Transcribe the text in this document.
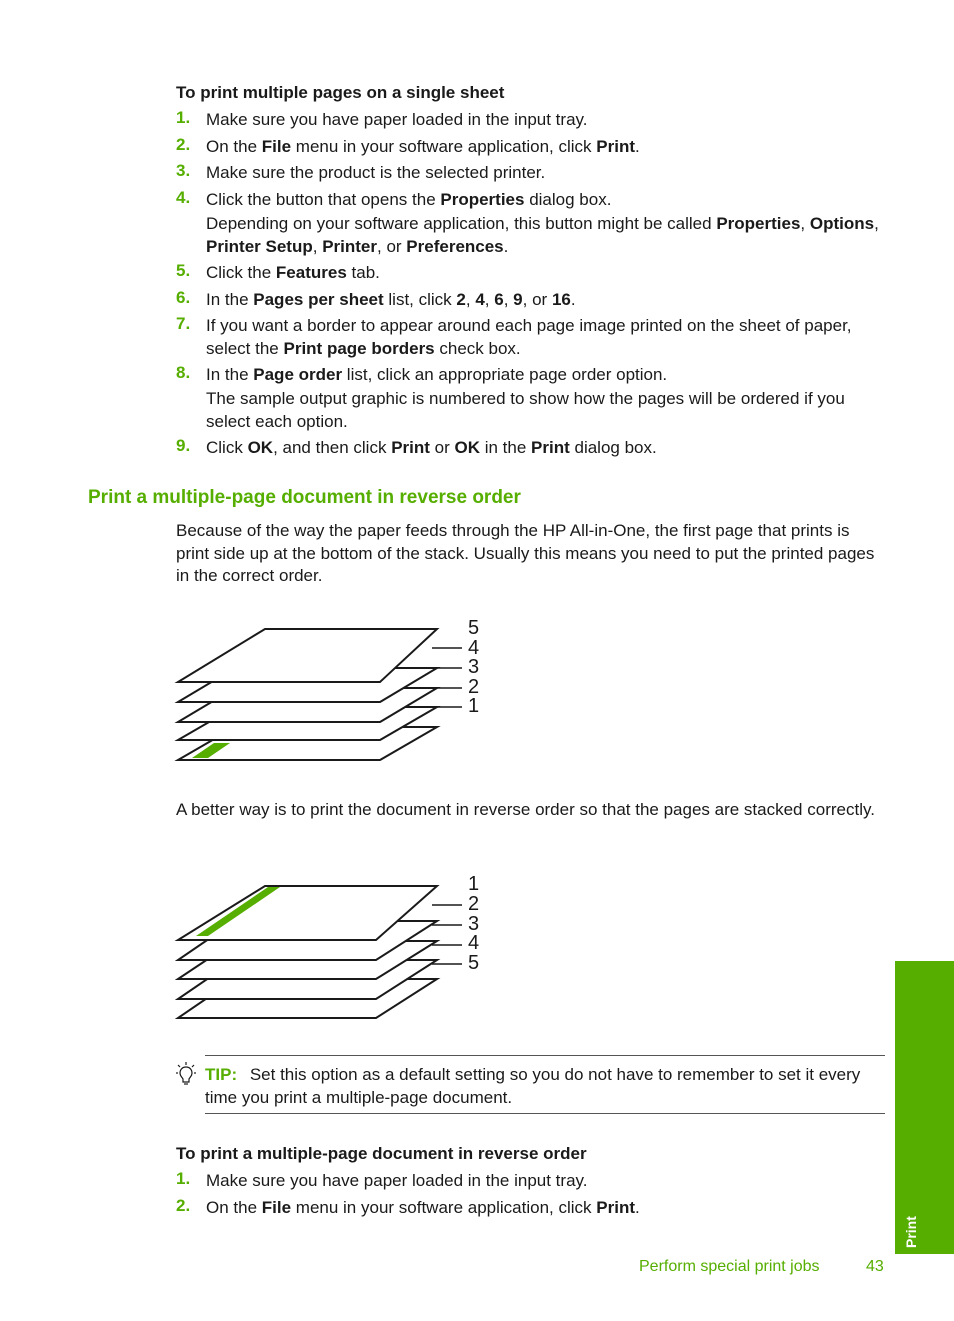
To print multiple pages on a single sheet
1. Make sure you have paper loaded in the input tray.
2. On the File menu in your software application, click Print.
3. Make sure the product is the selected printer.
4. Click the button that opens the Properties dialog box.
Depending on your software application, this button might be called Properties, Options, Printer Setup, Printer, or Preferences.
5. Click the Features tab.
6. In the Pages per sheet list, click 2, 4, 6, 9, or 16.
7. If you want a border to appear around each page image printed on the sheet of paper, select the Print page borders check box.
8. In the Page order list, click an appropriate page order option.
The sample output graphic is numbered to show how the pages will be ordered if you select each option.
9. Click OK, and then click Print or OK in the Print dialog box.
Print a multiple-page document in reverse order
Because of the way the paper feeds through the HP All-in-One, the first page that prints is print side up at the bottom of the stack. Usually this means you need to put the printed pages in the correct order.
5
4
3
2
1
A better way is to print the document in reverse order so that the pages are stacked correctly.
1
2
3
4
5
TIP: Set this option as a default setting so you do not have to remember to set it every time you print a multiple-page document.
To print a multiple-page document in reverse order
1. Make sure you have paper loaded in the input tray.
2. On the File menu in your software application, click Print.
Print
Perform special print jobs	43
